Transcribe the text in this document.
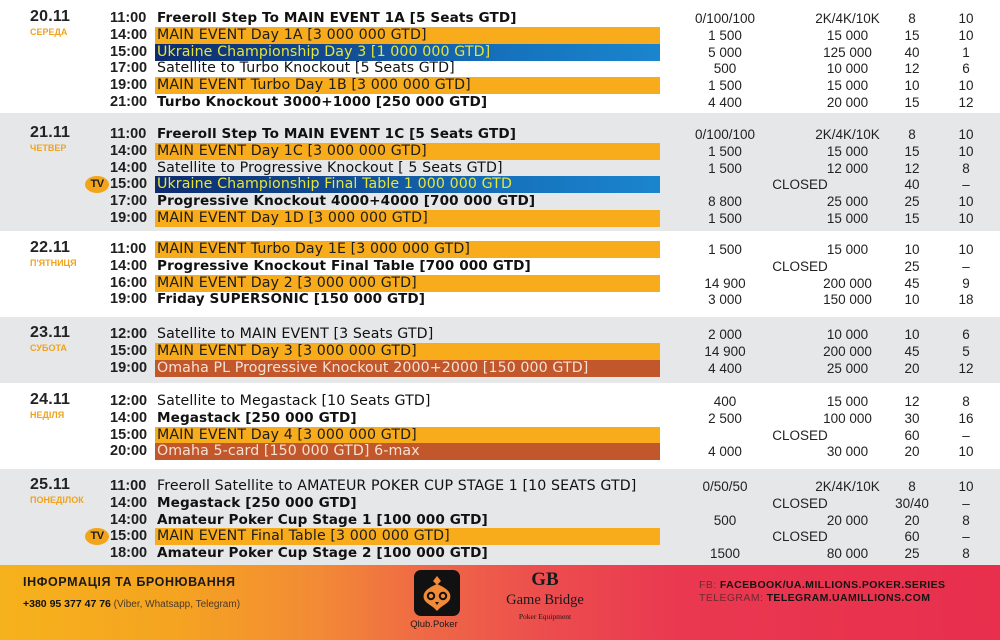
20.11
СЕРЕДА
11:00 Freeroll Step To MAIN EVENT 1A [5 Seats GTD]	0/100/100	2K/4K/10K	8	10
14:00 MAIN EVENT Day 1A [3 000 000 GTD]	1 500	15 000	15	10
15:00 Ukraine Championship Day 3 [1 000 000 GTD]	5 000	125 000	40	1
17:00 Satellite to Turbo Knockout [5 Seats GTD]	500	10 000	12	6
19:00 MAIN EVENT Turbo Day 1B [3 000 000 GTD]	1 500	15 000	10	10
21:00 Turbo Knockout 3000+1000 [250 000 GTD]	4 400	20 000	15	12
21.11
ЧЕТВЕР
11:00 Freeroll Step To MAIN EVENT 1C [5 Seats GTD]	0/100/100	2K/4K/10K	8	10
14:00 MAIN EVENT Day 1C [3 000 000 GTD]	1 500	15 000	15	10
14:00 Satellite to Progressive Knockout [ 5 Seats GTD]	1 500	12 000	12	8
TV 15:00 Ukraine Championship Final Table 1 000 000 GTD	CLOSED	40	–
17:00 Progressive Knockout 4000+4000 [700 000 GTD]	8 800	25 000	25	10
19:00 MAIN EVENT Day 1D [3 000 000 GTD]	1 500	15 000	15	10
22.11
П'ЯТНИЦЯ
11:00 MAIN EVENT Turbo Day 1E [3 000 000 GTD]	1 500	15 000	10	10
14:00 Progressive Knockout Final Table [700 000 GTD]	CLOSED	25	–
16:00 MAIN EVENT Day 2 [3 000 000 GTD]	14 900	200 000	45	9
19:00 Friday SUPERSONIC [150 000 GTD]	3 000	150 000	10	18
23.11
СУБОТА
12:00 Satellite to MAIN EVENT [3 Seats GTD]	2 000	10 000	10	6
15:00 MAIN EVENT Day 3 [3 000 000 GTD]	14 900	200 000	45	5
19:00 Omaha PL Progressive Knockout 2000+2000 [150 000 GTD]	4 400	25 000	20	12
24.11
НЕДІЛЯ
12:00 Satellite to Megastack [10 Seats GTD]	400	15 000	12	8
14:00 Megastack [250 000 GTD]	2 500	100 000	30	16
15:00 MAIN EVENT Day 4 [3 000 000 GTD]	CLOSED	60	–
20:00 Omaha 5-card [150 000 GTD] 6-max	4 000	30 000	20	10
25.11
ПОНЕДІЛОК
11:00 Freeroll Satellite to AMATEUR POKER CUP STAGE 1 [10 SEATS GTD]	0/50/50	2K/4K/10K	8	10
14:00 Megastack [250 000 GTD]	CLOSED	30/40	–
14:00 Amateur Poker Cup Stage 1 [100 000 GTD]	500	20 000	20	8
TV 15:00 MAIN EVENT Final Table [3 000 000 GTD]	CLOSED	60	–
18:00 Amateur Poker Cup Stage 2 [100 000 GTD]	1500	80 000	25	8
ІНФОРМАЦІЯ ТА БРОНЮВАННЯ
+380 95 377 47 76 (Viber, Whatsapp, Telegram)
Qlub.Poker
GB
Game Bridge
Poker Equipment
FB: FACEBOOK/UA.MILLIONS.POKER.SERIES
TELEGRAM: TELEGRAM.UAMILLIONS.COM
